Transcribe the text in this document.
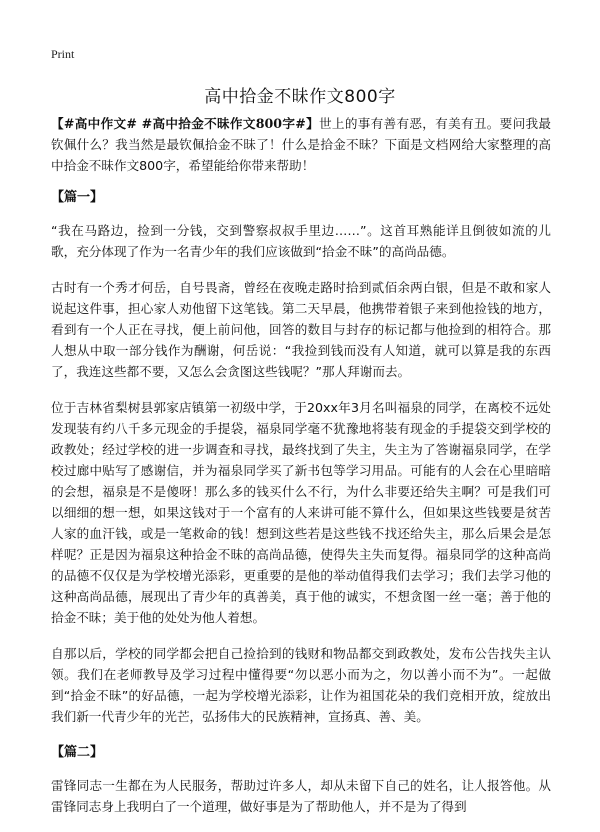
Print
高中拾金不昧作文800字

【#高中作文# #高中拾金不昧作文800字#】世上的事有善有恶，有美有丑。要问我最钦佩什么？我当然是最钦佩拾金不昧了！什么是拾金不昧？下面是文档网给大家整理的高中拾金不昧作文800字，希望能给你带来帮助！

【篇一】

“我在马路边，捡到一分钱，交到警察叔叔手里边……”。这首耳熟能详且倒彼如流的儿歌，充分体现了作为一名青少年的我们应该做到“拾金不昧”的高尚品德。

古时有一个秀才何岳，自号畏斋，曾经在夜晚走路时拾到贰佰余两白银，但是不敢和家人说起这件事，担心家人劝他留下这笔钱。第二天早晨，他携带着银子来到他捡钱的地方，看到有一个人正在寻找，便上前问他，回答的数目与封存的标记都与他捡到的相符合。那人想从中取一部分钱作为酬谢，何岳说：“我捡到钱而没有人知道，就可以算是我的东西了，我连这些都不要，又怎么会贪图这些钱呢？”那人拜谢而去。

位于吉林省梨树县郭家店镇第一初级中学，于20xx年3月名叫福泉的同学，在离校不远处发现装有约八千多元现金的手提袋，福泉同学毫不犹豫地将装有现金的手提袋交到学校的政教处；经过学校的进一步调查和寻找，最终找到了失主，失主为了答谢福泉同学，在学校过廊中贴写了感谢信，并为福泉同学买了新书包等学习用品。可能有的人会在心里暗暗的会想，福泉是不是傻呀！那么多的钱买什么不行，为什么非要还给失主啊？可是我们可以细细的想一想，如果这钱对于一个富有的人来讲可能不算什么，但如果这些钱要是贫苦人家的血汗钱，或是一笔救命的钱！想到这些若是这些钱不找还给失主，那么后果会是怎样呢？正是因为福泉这种拾金不昧的高尚品德，使得失主失而复得。福泉同学的这种高尚的品德不仅仅是为学校增光添彩，更重要的是他的举动值得我们去学习；我们去学习他的这种高尚品德，展现出了青少年的真善美，真于他的诚实，不想贪图一丝一毫；善于他的拾金不昧；美于他的处处为他人着想。

自那以后，学校的同学都会把自己捡拾到的钱财和物品都交到政教处，发布公告找失主认领。我们在老师教导及学习过程中懂得要“勿以恶小而为之，勿以善小而不为”。一起做到“拾金不昧”的好品德，一起为学校增光添彩，让作为祖国花朵的我们竞相开放，绽放出我们新一代青少年的光芒，弘扬伟大的民族精神，宣扬真、善、美。

【篇二】

雷锋同志一生都在为人民服务，帮助过许多人，却从未留下自己的姓名，让人报答他。从雷锋同志身上我明白了一个道理，做好事是为了帮助他人，并不是为了得到
